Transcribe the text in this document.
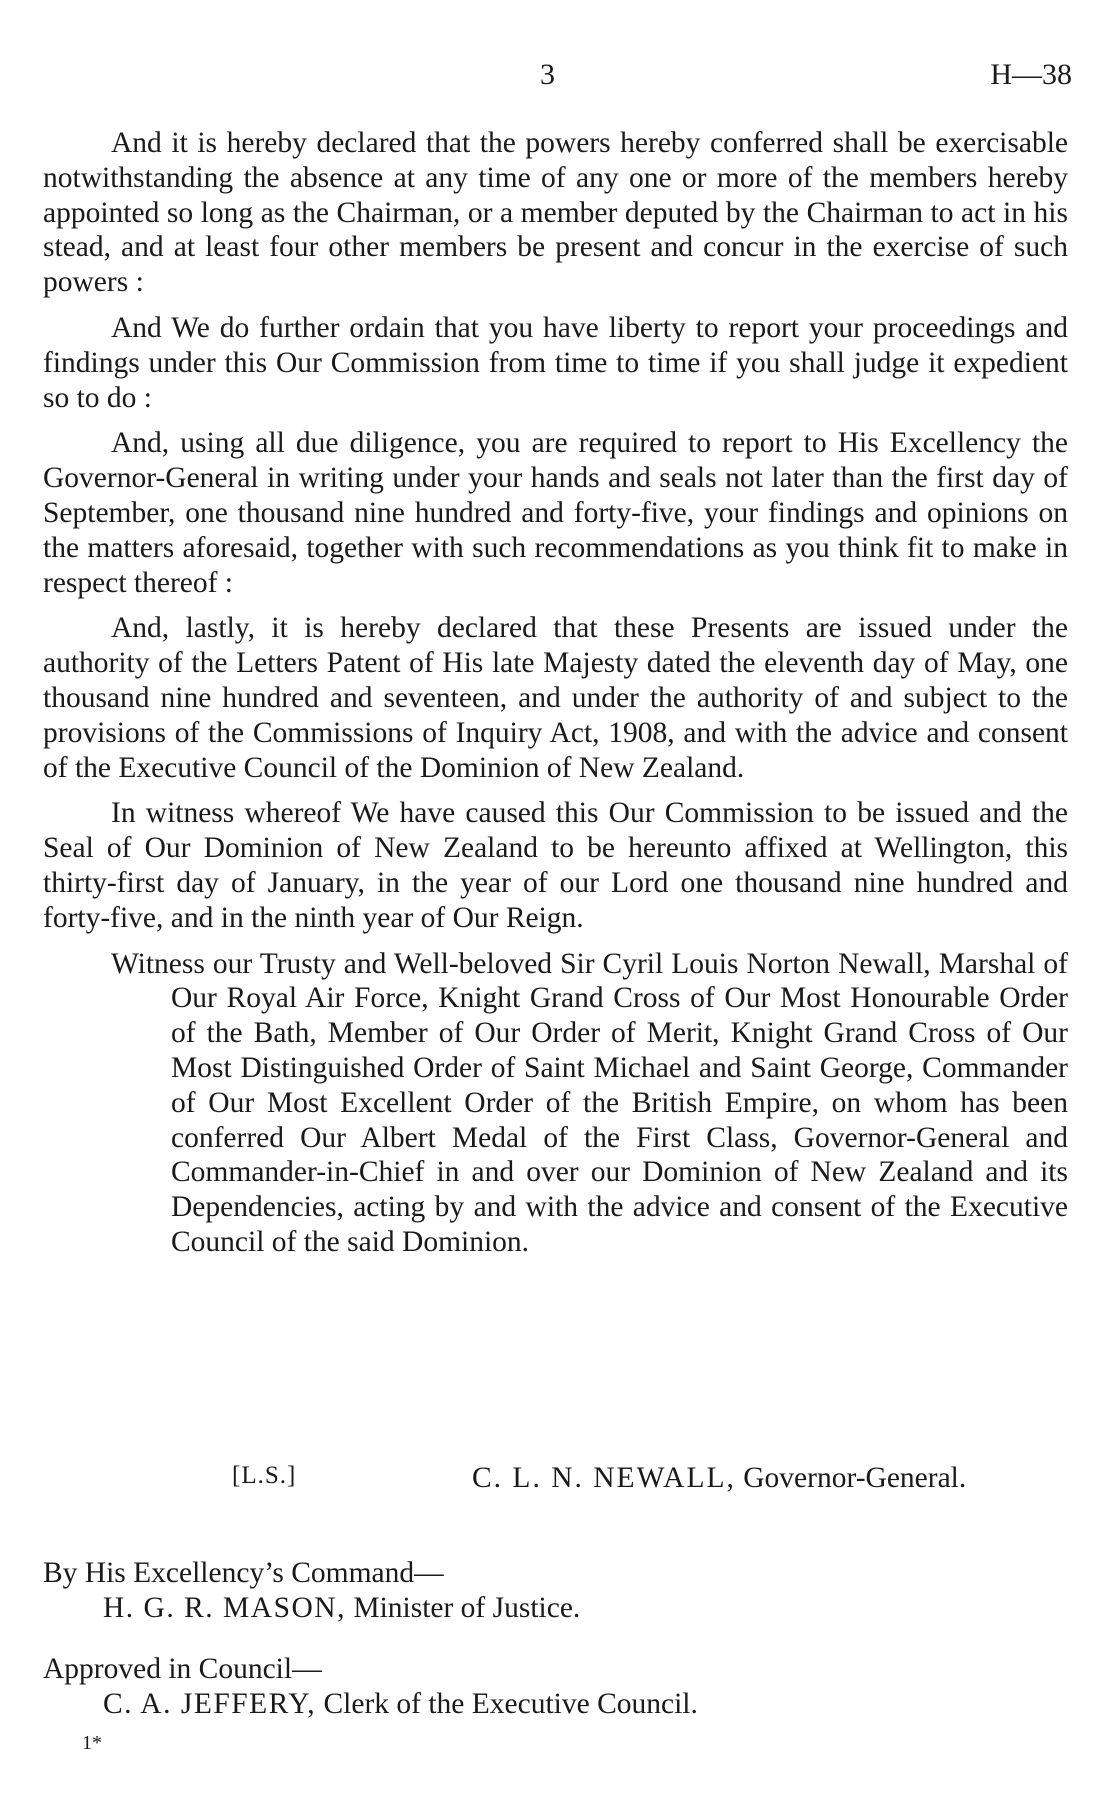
3	H—38

And it is hereby declared that the powers hereby conferred shall be exercisable notwithstanding the absence at any time of any one or more of the members hereby appointed so long as the Chairman, or a member deputed by the Chairman to act in his stead, and at least four other members be present and concur in the exercise of such powers :

And We do further ordain that you have liberty to report your proceedings and findings under this Our Commission from time to time if you shall judge it expedient so to do :

And, using all due diligence, you are required to report to His Excellency the Governor-General in writing under your hands and seals not later than the first day of September, one thousand nine hundred and forty-five, your findings and opinions on the matters aforesaid, together with such recommendations as you think fit to make in respect thereof :

And, lastly, it is hereby declared that these Presents are issued under the authority of the Letters Patent of His late Majesty dated the eleventh day of May, one thousand nine hundred and seventeen, and under the authority of and subject to the provisions of the Commissions of Inquiry Act, 1908, and with the advice and consent of the Executive Council of the Dominion of New Zealand.

In witness whereof We have caused this Our Commission to be issued and the Seal of Our Dominion of New Zealand to be hereunto affixed at Wellington, this thirty-first day of January, in the year of our Lord one thousand nine hundred and forty-five, and in the ninth year of Our Reign.

Witness our Trusty and Well-beloved Sir Cyril Louis Norton Newall, Marshal of Our Royal Air Force, Knight Grand Cross of Our Most Honourable Order of the Bath, Member of Our Order of Merit, Knight Grand Cross of Our Most Distinguished Order of Saint Michael and Saint George, Commander of Our Most Excellent Order of the British Empire, on whom has been conferred Our Albert Medal of the First Class, Governor-General and Commander-in-Chief in and over our Dominion of New Zealand and its Dependencies, acting by and with the advice and consent of the Executive Council of the said Dominion.

[L.S.]	C. L. N. NEWALL, Governor-General.
By His Excellency’s Command—
H. G. R. MASON, Minister of Justice.
Approved in Council—
C. A. JEFFERY, Clerk of the Executive Council.
1*
